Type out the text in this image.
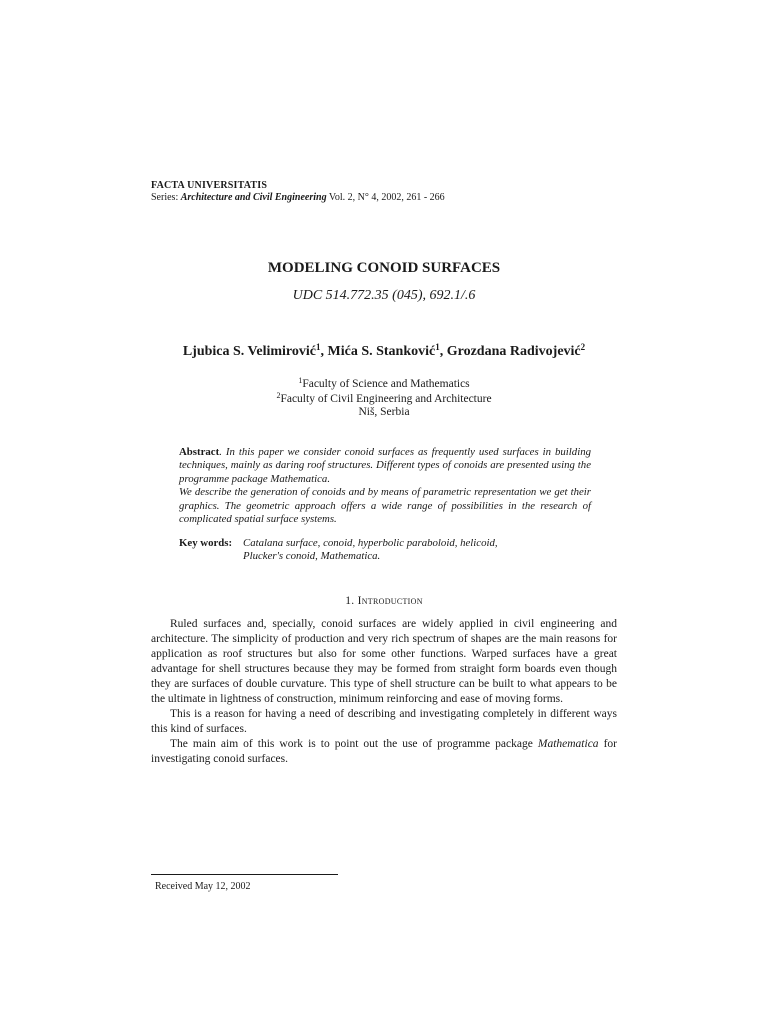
FACTA UNIVERSITATIS
Series: Architecture and Civil Engineering Vol. 2, N° 4, 2002, 261 - 266
MODELING CONOID SURFACES
UDC 514.772.35 (045), 692.1/.6
Ljubica S. Velimirović$^1$, Mića S. Stanković$^1$, Grozdana Radivojević$^2$
$^1$Faculty of Science and Mathematics
$^2$Faculty of Civil Engineering and Architecture
Niš, Serbia

Abstract. In this paper we consider conoid surfaces as frequently used surfaces in building techniques, mainly as daring roof structures. Different types of conoids are presented using the programme package Mathematica.

We describe the generation of conoids and by means of parametric representation we get their graphics. The geometric approach offers a wide range of possibilities in the research of complicated spatial surface systems.

Key words: Catalana surface, conoid, hyperbolic paraboloid, helicoid,
Plucker's conoid, Mathematica.
1. Introduction

Ruled surfaces and, specially, conoid surfaces are widely applied in civil engineering and architecture. The simplicity of production and very rich spectrum of shapes are the main reasons for application as roof structures but also for some other functions. Warped surfaces have a great advantage for shell structures because they may be formed from straight form boards even though they are surfaces of double curvature. This type of shell structure can be built to what appears to be the ultimate in lightness of construction, minimum reinforcing and ease of moving forms.

This is a reason for having a need of describing and investigating completely in different ways this kind of surfaces.

The main aim of this work is to point out the use of programme package Mathematica for investigating conoid surfaces.

Received May 12, 2002
